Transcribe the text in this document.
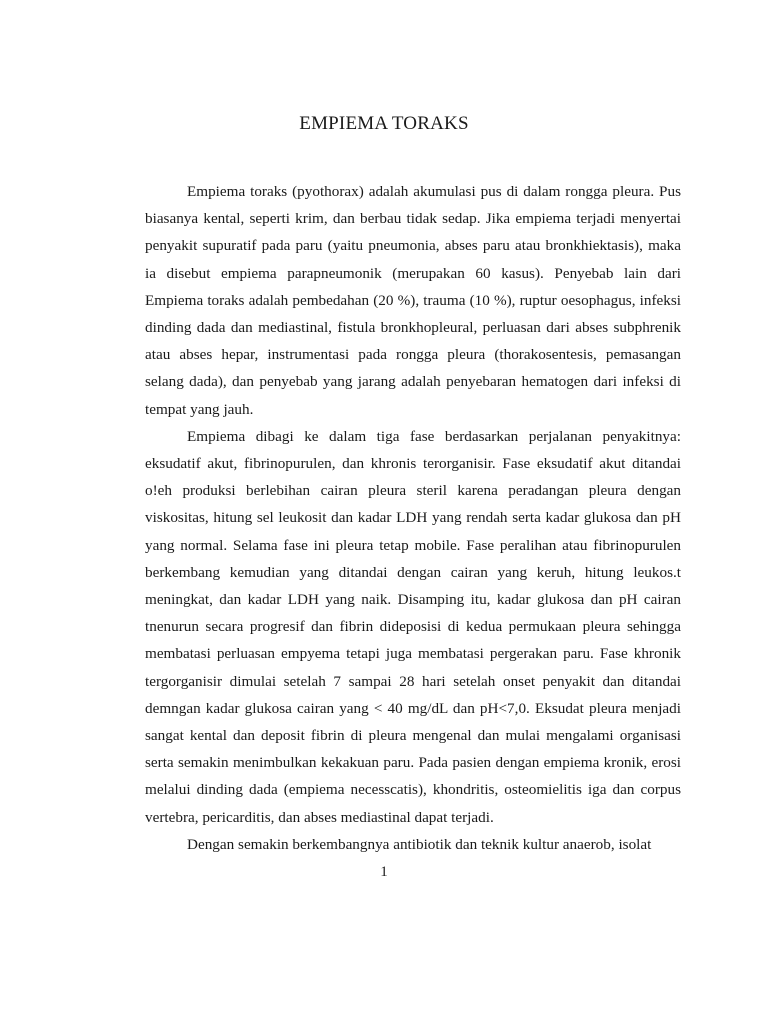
EMPIEMA TORAKS

Empiema toraks (pyothorax) adalah akumulasi pus di dalam rongga pleura. Pus biasanya kental, seperti krim, dan berbau tidak sedap. Jika empiema terjadi menyertai penyakit supuratif pada paru (yaitu pneumonia, abses paru atau bronkhiektasis), maka ia disebut empiema parapneumonik (merupakan 60 kasus). Penyebab lain dari Empiema toraks adalah pembedahan (20 %), trauma (10 %), ruptur oesophagus, infeksi dinding dada dan mediastinal, fistula bronkhopleural, perluasan dari abses subphrenik atau abses hepar, instrumentasi pada rongga pleura (thorakosentesis, pemasangan selang dada), dan penyebab yang jarang adalah penyebaran hematogen dari infeksi di tempat yang jauh.

Empiema dibagi ke dalam tiga fase berdasarkan perjalanan penyakitnya: eksudatif akut, fibrinopurulen, dan khronis terorganisir. Fase eksudatif akut ditandai o!eh produksi berlebihan cairan pleura steril karena peradangan pleura dengan viskositas, hitung sel leukosit dan kadar LDH yang rendah serta kadar glukosa dan pH yang normal. Selama fase ini pleura tetap mobile. Fase peralihan atau fibrinopurulen berkembang kemudian yang ditandai dengan cairan yang keruh, hitung leukos.t meningkat, dan kadar LDH yang naik. Disamping itu, kadar glukosa dan pH cairan tnenurun secara progresif dan fibrin dideposisi di kedua permukaan pleura sehingga membatasi perluasan empyema tetapi juga membatasi pergerakan paru. Fase khronik tergorganisir dimulai setelah 7 sampai 28 hari setelah onset penyakit dan ditandai demngan kadar glukosa cairan yang < 40 mg/dL dan pH<7,0. Eksudat pleura menjadi sangat kental dan deposit fibrin di pleura mengenal dan mulai mengalami organisasi serta semakin menimbulkan kekakuan paru. Pada pasien dengan empiema kronik, erosi melalui dinding dada (empiema necesscatis), khondritis, osteomielitis iga dan corpus vertebra, pericarditis, dan abses mediastinal dapat terjadi.

Dengan semakin berkembangnya antibiotik dan teknik kultur anaerob, isolat

1
